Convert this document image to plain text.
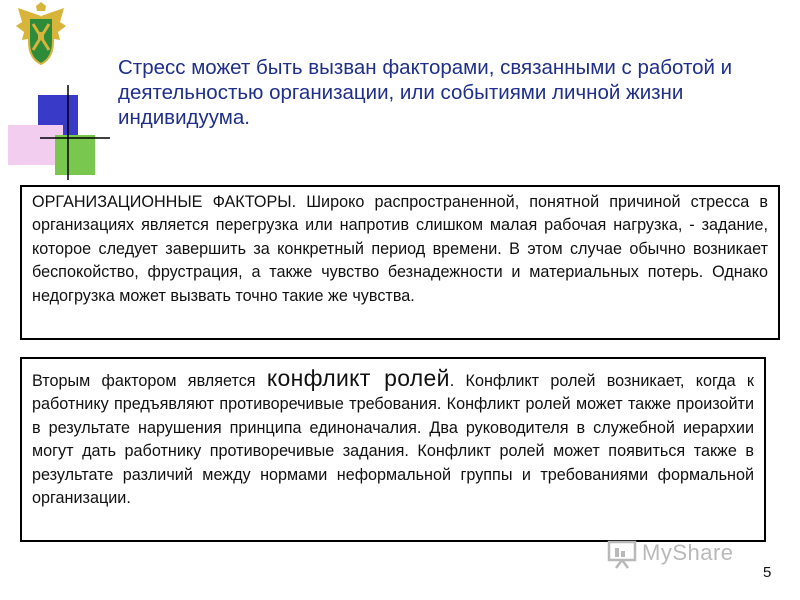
Стресс может быть вызван факторами, связанными с работой и деятельностью организации, или событиями личной жизни индивидуума.
ОРГАНИЗАЦИОННЫЕ ФАКТОРЫ. Широко распространенной, понятной причиной стресса в организациях является перегрузка или напротив слишком малая рабочая нагрузка, - задание, которое следует завершить за конкретный период времени. В этом случае обычно возникает беспокойство, фрустрация, а также чувство безнадежности и материальных потерь. Однако недогрузка может вызвать точно такие же чувства.
Вторым фактором является конфликт ролей. Конфликт ролей возникает, когда к работнику предъявляют противоречивые требования. Конфликт ролей может также произойти в результате нарушения принципа единоначалия. Два руководителя в служебной иерархии могут дать работнику противоречивые задания. Конфликт ролей может появиться также в результате различий между нормами неформальной группы и требованиями формальной организации.
MyShare
5
